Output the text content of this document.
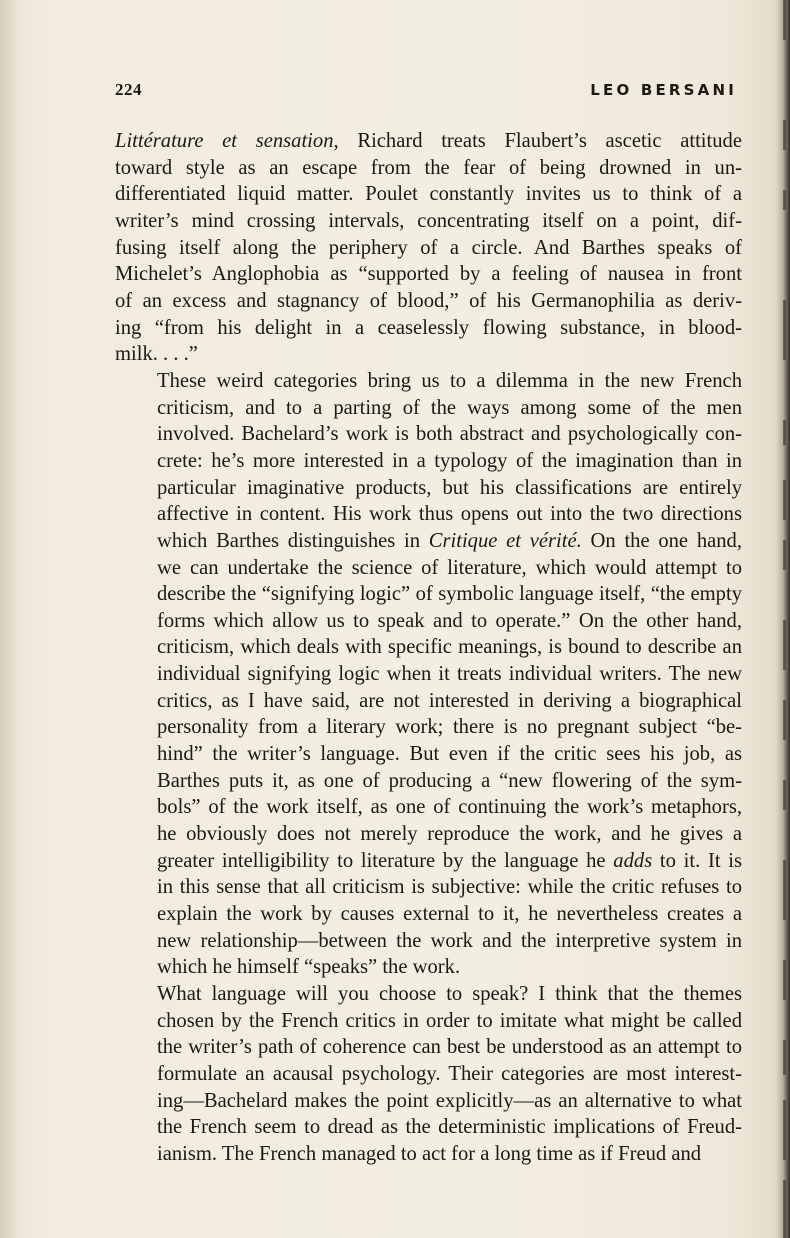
224	LEO BERSANI

Littérature et sensation, Richard treats Flaubert’s ascetic attitude
toward style as an escape from the fear of being drowned in un-
differentiated liquid matter. Poulet constantly invites us to think of a
writer’s mind crossing intervals, concentrating itself on a point, dif-
fusing itself along the periphery of a circle. And Barthes speaks of
Michelet’s Anglophobia as “supported by a feeling of nausea in front
of an excess and stagnancy of blood,” of his Germanophilia as deriv-
ing “from his delight in a ceaselessly flowing substance, in blood-
milk. . . .”

These weird categories bring us to a dilemma in the new French
criticism, and to a parting of the ways among some of the men
involved. Bachelard’s work is both abstract and psychologically con-
crete: he’s more interested in a typology of the imagination than in
particular imaginative products, but his classifications are entirely
affective in content. His work thus opens out into the two directions
which Barthes distinguishes in Critique et vérité. On the one hand,
we can undertake the science of literature, which would attempt to
describe the “signifying logic” of symbolic language itself, “the empty
forms which allow us to speak and to operate.” On the other hand,
criticism, which deals with specific meanings, is bound to describe an
individual signifying logic when it treats individual writers. The new
critics, as I have said, are not interested in deriving a biographical
personality from a literary work; there is no pregnant subject “be-
hind” the writer’s language. But even if the critic sees his job, as
Barthes puts it, as one of producing a “new flowering of the sym-
bols” of the work itself, as one of continuing the work’s metaphors,
he obviously does not merely reproduce the work, and he gives a
greater intelligibility to literature by the language he adds to it. It is
in this sense that all criticism is subjective: while the critic refuses to
explain the work by causes external to it, he nevertheless creates a
new relationship—between the work and the interpretive system in
which he himself “speaks” the work.

What language will you choose to speak? I think that the themes
chosen by the French critics in order to imitate what might be called
the writer’s path of coherence can best be understood as an attempt to
formulate an acausal psychology. Their categories are most interest-
ing—Bachelard makes the point explicitly—as an alternative to what
the French seem to dread as the deterministic implications of Freud-
ianism. The French managed to act for a long time as if Freud and
